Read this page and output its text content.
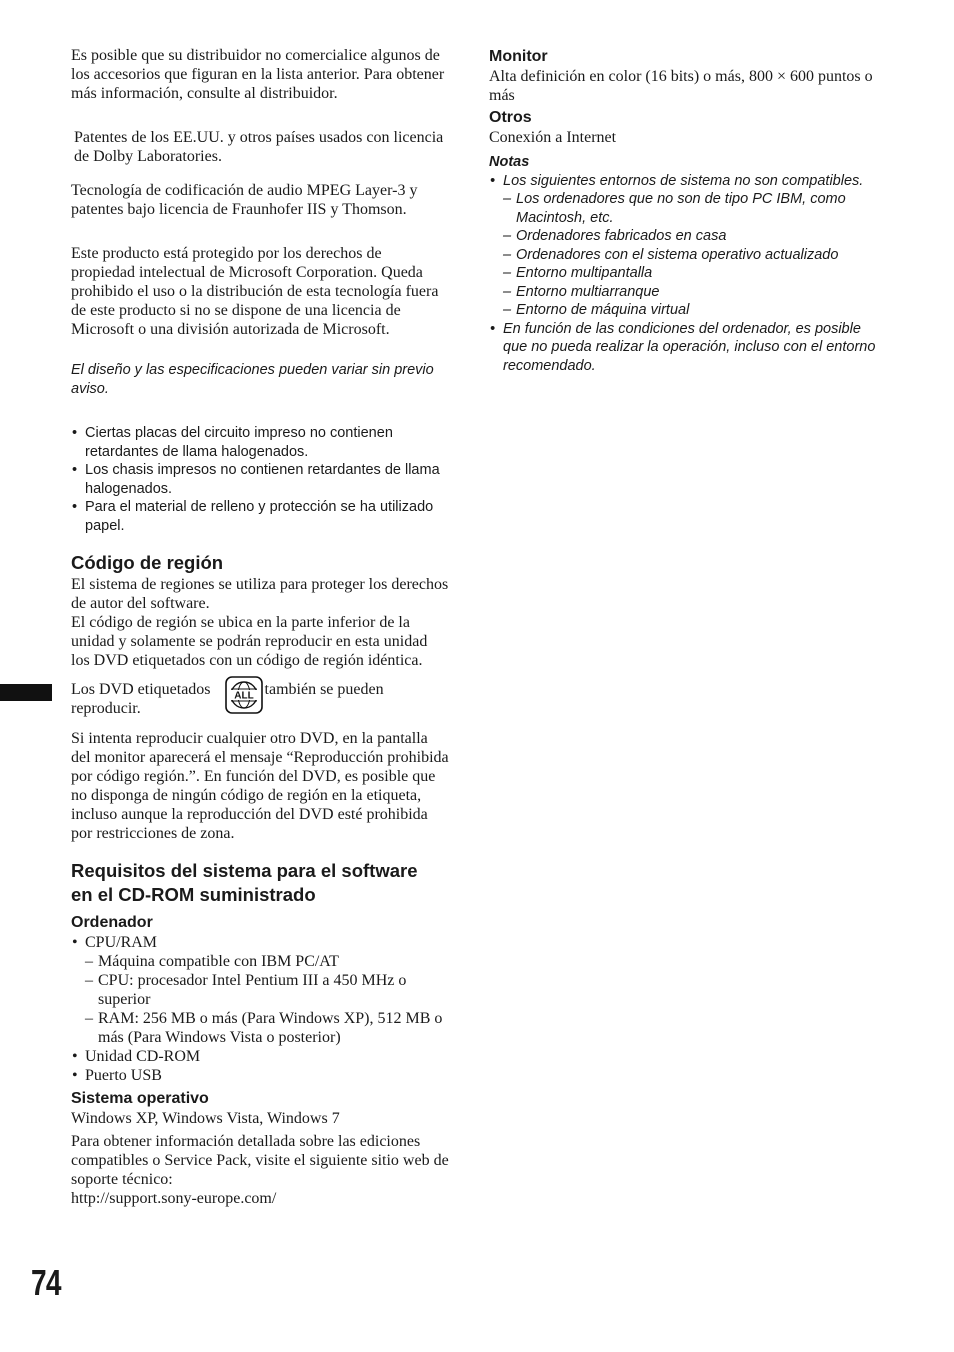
Es posible que su distribuidor no comercialice algunos de los accesorios que figuran en la lista anterior. Para obtener más información, consulte al distribuidor.

Patentes de los EE.UU. y otros países usados con licencia de Dolby Laboratories.

Tecnología de codificación de audio MPEG Layer-3 y patentes bajo licencia de Fraunhofer IIS y Thomson.

Este producto está protegido por los derechos de propiedad intelectual de Microsoft Corporation. Queda prohibido el uso o la distribución de esta tecnología fuera de este producto si no se dispone de una licencia de Microsoft o una división autorizada de Microsoft.

El diseño y las especificaciones pueden variar sin previo aviso.

• Ciertas placas del circuito impreso no contienen retardantes de llama halogenados.
• Los chasis impresos no contienen retardantes de llama halogenados.
• Para el material de relleno y protección se ha utilizado papel.
Código de región

El sistema de regiones se utiliza para proteger los derechos de autor del software.

El código de región se ubica en la parte inferior de la unidad y solamente se podrán reproducir en esta unidad los DVD etiquetados con un código de región idéntica.

Los DVD etiquetados	también se pueden

reproducir.

ALL

Si intenta reproducir cualquier otro DVD, en la pantalla del monitor aparecerá el mensaje “Reproducción prohibida por código región.”. En función del DVD, es posible que no disponga de ningún código de región en la etiqueta, incluso aunque la reproducción del DVD esté prohibida por restricciones de zona.

Requisitos del sistema para el software
en el CD-ROM suministrado
Ordenador
• CPU/RAM
– Máquina compatible con IBM PC/AT
– CPU: procesador Intel Pentium III a 450 MHz o superior
– RAM: 256 MB o más (Para Windows XP), 512 MB o más (Para Windows Vista o posterior)
• Unidad CD-ROM
• Puerto USB
Sistema operativo

Windows XP, Windows Vista, Windows 7

Para obtener información detallada sobre las ediciones compatibles o Service Pack, visite el siguiente sitio web de soporte técnico:

http://support.sony-europe.com/

Monitor

Alta definición en color (16 bits) o más, 800 × 600 puntos o más

Otros

Conexión a Internet

Notas
• Los siguientes entornos de sistema no son compatibles.
– Los ordenadores que no son de tipo PC IBM, como Macintosh, etc.
– Ordenadores fabricados en casa
– Ordenadores con el sistema operativo actualizado
– Entorno multipantalla
– Entorno multiarranque
– Entorno de máquina virtual
• En función de las condiciones del ordenador, es posible que no pueda realizar la operación, incluso con el entorno recomendado.
74
